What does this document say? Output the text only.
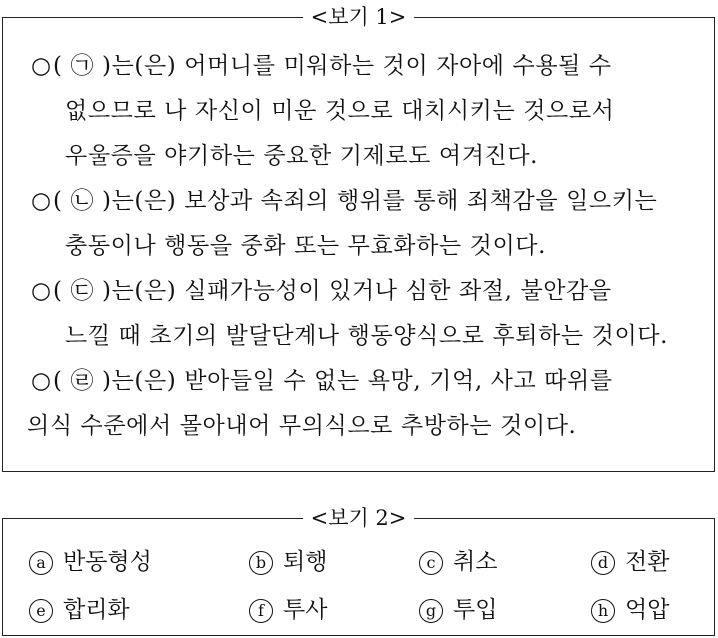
<보기 1>
○( ㉠ )는(은) 어머니를 미워하는 것이 자아에 수용될 수
없으므로 나 자신이 미운 것으로 대치시키는 것으로서
우울증을 야기하는 중요한 기제로도 여겨진다.
○( ㉡ )는(은) 보상과 속죄의 행위를 통해 죄책감을 일으키는
충동이나 행동을 중화 또는 무효화하는 것이다.
○( ㉢ )는(은) 실패가능성이 있거나 심한 좌절, 불안감을
느낄 때 초기의 발달단계나 행동양식으로 후퇴하는 것이다.
○( ㉣ )는(은) 받아들일 수 없는 욕망, 기억, 사고 따위를
의식 수준에서 몰아내어 무의식으로 추방하는 것이다.
<보기 2>
a 반동형성	b 퇴행	c 취소	d 전환
e 합리화	f 투사	g 투입	h 억압
